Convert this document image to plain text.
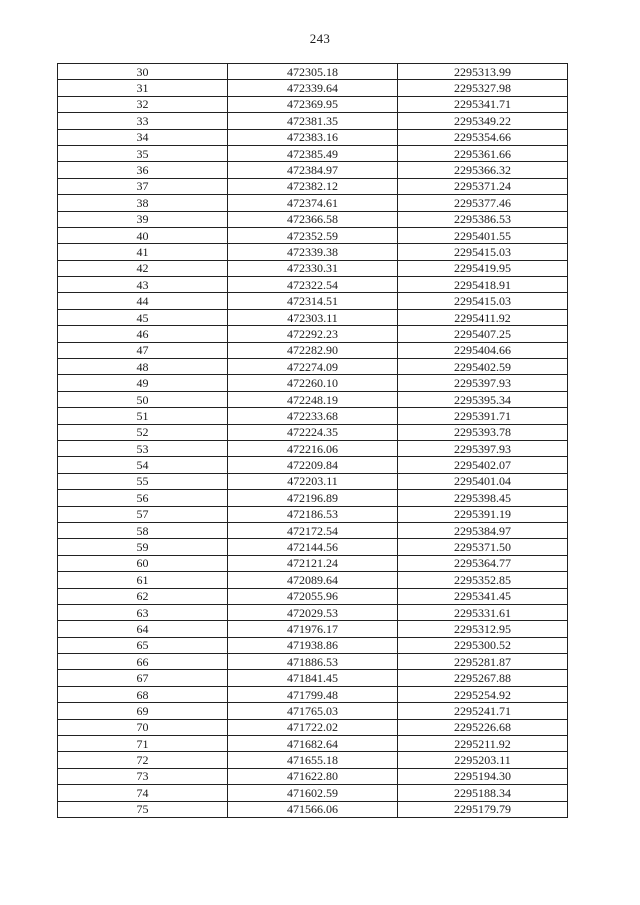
243
30	472305.18	2295313.99
31	472339.64	2295327.98
32	472369.95	2295341.71
33	472381.35	2295349.22
34	472383.16	2295354.66
35	472385.49	2295361.66
36	472384.97	2295366.32
37	472382.12	2295371.24
38	472374.61	2295377.46
39	472366.58	2295386.53
40	472352.59	2295401.55
41	472339.38	2295415.03
42	472330.31	2295419.95
43	472322.54	2295418.91
44	472314.51	2295415.03
45	472303.11	2295411.92
46	472292.23	2295407.25
47	472282.90	2295404.66
48	472274.09	2295402.59
49	472260.10	2295397.93
50	472248.19	2295395.34
51	472233.68	2295391.71
52	472224.35	2295393.78
53	472216.06	2295397.93
54	472209.84	2295402.07
55	472203.11	2295401.04
56	472196.89	2295398.45
57	472186.53	2295391.19
58	472172.54	2295384.97
59	472144.56	2295371.50
60	472121.24	2295364.77
61	472089.64	2295352.85
62	472055.96	2295341.45
63	472029.53	2295331.61
64	471976.17	2295312.95
65	471938.86	2295300.52
66	471886.53	2295281.87
67	471841.45	2295267.88
68	471799.48	2295254.92
69	471765.03	2295241.71
70	471722.02	2295226.68
71	471682.64	2295211.92
72	471655.18	2295203.11
73	471622.80	2295194.30
74	471602.59	2295188.34
75	471566.06	2295179.79
